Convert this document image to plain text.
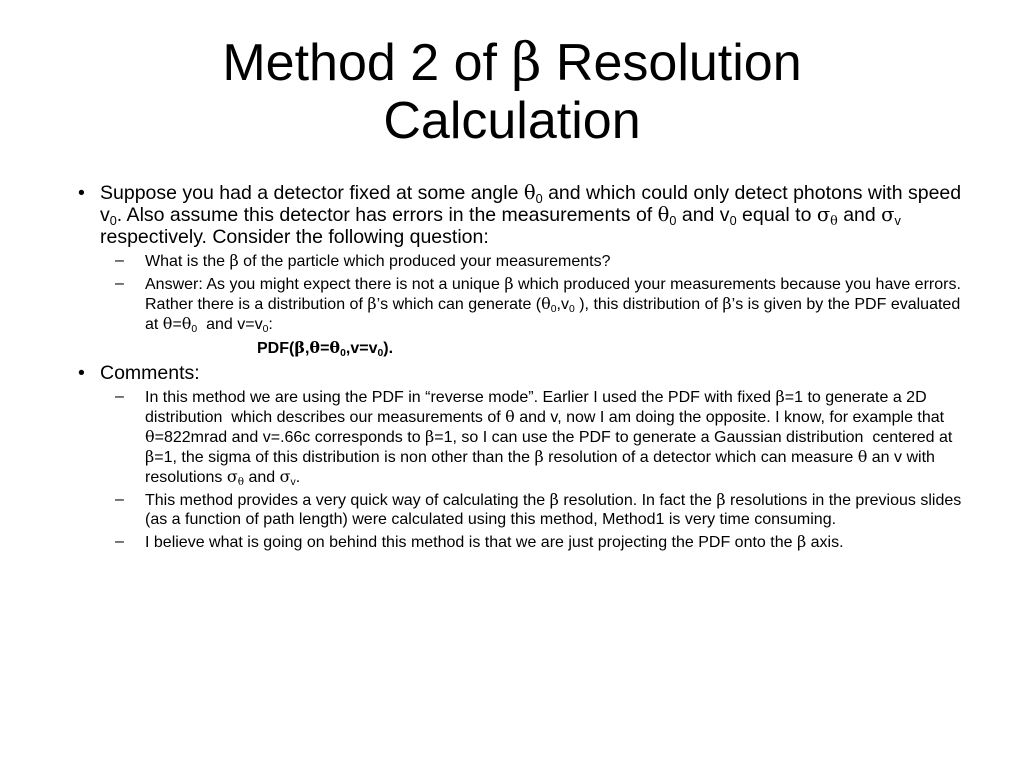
Method 2 of β Resolution
Calculation
• Suppose you had a detector fixed at some angle $\theta_0$ and which could only detect photons with speed $v_0$. Also assume this detector has errors in the measurements of $\theta_0$ and $v_0$ equal to $\sigma_\theta$ and $\sigma_v$ respectively. Consider the following question:
– What is the β of the particle which produced your measurements?
– Answer: As you might expect there is not a unique β which produced your measurements because you have errors. Rather there is a distribution of β’s which can generate ($\theta_0,v_0$ ), this distribution of β’s is given by the PDF evaluated at $\theta=\theta_0$  and $v=v_0$:
$PDF(\beta,\theta=\theta_0,v=v_0)$.
• Comments:
– In this method we are using the PDF in “reverse mode”. Earlier I used the PDF with fixed β=1 to generate a 2D distribution  which describes our measurements of θ and v, now I am doing the opposite. I know, for example that θ=822mrad and v=.66c corresponds to β=1, so I can use the PDF to generate a Gaussian distribution  centered at β=1, the sigma of this distribution is non other than the β resolution of a detector which can measure θ an v with resolutions $\sigma_\theta$ and $\sigma_v$.
– This method provides a very quick way of calculating the β resolution. In fact the β resolutions in the previous slides (as a function of path length) were calculated using this method, Method1 is very time consuming.
– I believe what is going on behind this method is that we are just projecting the PDF onto the β axis.
